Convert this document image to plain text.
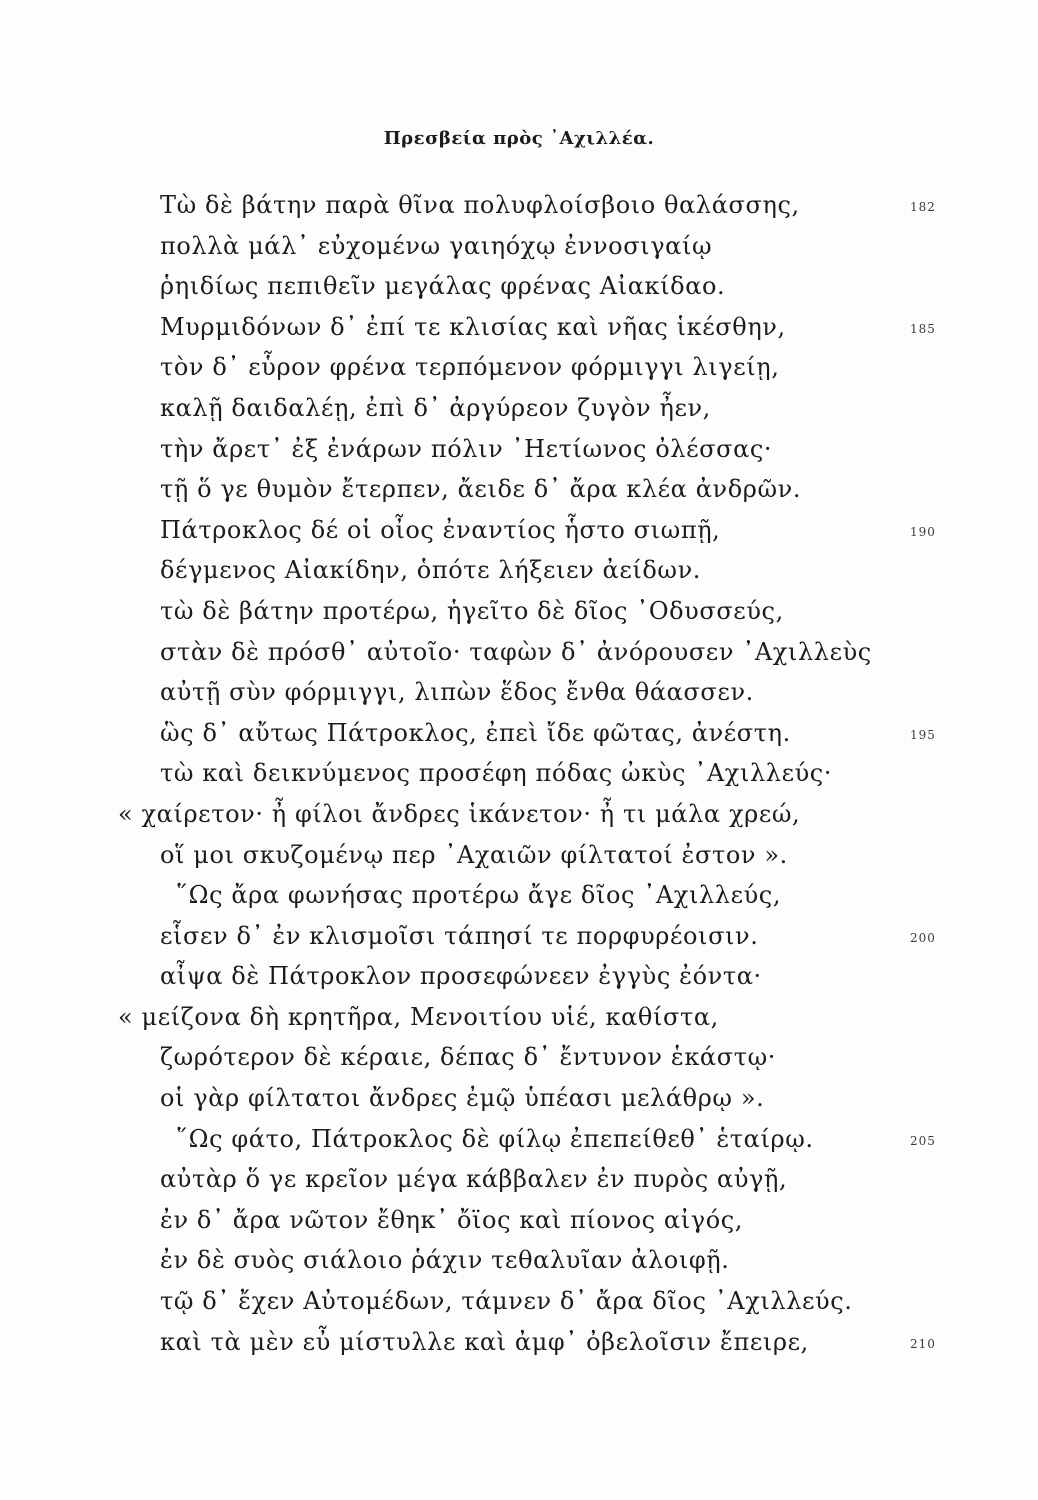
Πρεσβεία πρὸς ᾿Αχιλλέα.
Τὼ δὲ βάτην παρὰ θῖνα πολυφλοίσβοιο θαλάσσης,	182
πολλὰ μάλ᾿ εὐχομένω γαιηόχῳ ἐννοσιγαίῳ
ῥηιδίως πεπιθεῖν μεγάλας φρένας Αἰακίδαο.
Μυρμιδόνων δ᾿ ἐπί τε κλισίας καὶ νῆας ἱκέσθην,	185
τὸν δ᾿ εὗρον φρένα τερπόμενον φόρμιγγι λιγείῃ,
καλῇ δαιδαλέῃ, ἐπὶ δ᾿ ἀργύρεον ζυγὸν ἦεν,
τὴν ἄρετ᾿ ἐξ ἐνάρων πόλιν ᾿Ηετίωνος ὀλέσσας·
τῇ ὅ γε θυμὸν ἔτερπεν, ἄειδε δ᾿ ἄρα κλέα ἀνδρῶν.
Πάτροκλος δέ οἱ οἶος ἐναντίος ἧστο σιωπῇ,	190
δέγμενος Αἰακίδην, ὁπότε λήξειεν ἀείδων.
τὼ δὲ βάτην προτέρω, ἡγεῖτο δὲ δῖος ᾿Οδυσσεύς,
στὰν δὲ πρόσθ᾿ αὐτοῖο· ταφὼν δ᾿ ἀνόρουσεν ᾿Αχιλλεὺς
αὐτῇ σὺν φόρμιγγι, λιπὼν ἕδος ἔνθα θάασσεν.
ὣς δ᾿ αὔτως Πάτροκλος, ἐπεὶ ἴδε φῶτας, ἀνέστη.	195
τὼ καὶ δεικνύμενος προσέφη πόδας ὠκὺς ᾿Αχιλλεύς·
« χαίρετον· ἦ φίλοι ἄνδρες ἱκάνετον· ἦ τι μάλα χρεώ,
οἵ μοι σκυζομένῳ περ ᾿Αχαιῶν φίλτατοί ἐστον ».
῞Ως ἄρα φωνήσας προτέρω ἄγε δῖος ᾿Αχιλλεύς,
εἷσεν δ᾿ ἐν κλισμοῖσι τάπησί τε πορφυρέοισιν.	200
αἶψα δὲ Πάτροκλον προσεφώνεεν ἐγγὺς ἐόντα·
« μείζονα δὴ κρητῆρα, Μενοιτίου υἱέ, καθίστα,
ζωρότερον δὲ κέραιε, δέπας δ᾿ ἔντυνον ἑκάστῳ·
οἱ γὰρ φίλτατοι ἄνδρες ἐμῷ ὑπέασι μελάθρῳ ».
῞Ως φάτο, Πάτροκλος δὲ φίλῳ ἐπεπείθεθ᾿ ἑταίρῳ.	205
αὐτὰρ ὅ γε κρεῖον μέγα κάββαλεν ἐν πυρὸς αὐγῇ,
ἐν δ᾿ ἄρα νῶτον ἔθηκ᾿ ὄϊος καὶ πίονος αἰγός,
ἐν δὲ συὸς σιάλοιο ῥάχιν τεθαλυῖαν ἀλοιφῇ.
τῷ δ᾿ ἔχεν Αὐτομέδων, τάμνεν δ᾿ ἄρα δῖος ᾿Αχιλλεύς.
καὶ τὰ μὲν εὖ μίστυλλε καὶ ἀμφ᾿ ὀβελοῖσιν ἔπειρε,	210
